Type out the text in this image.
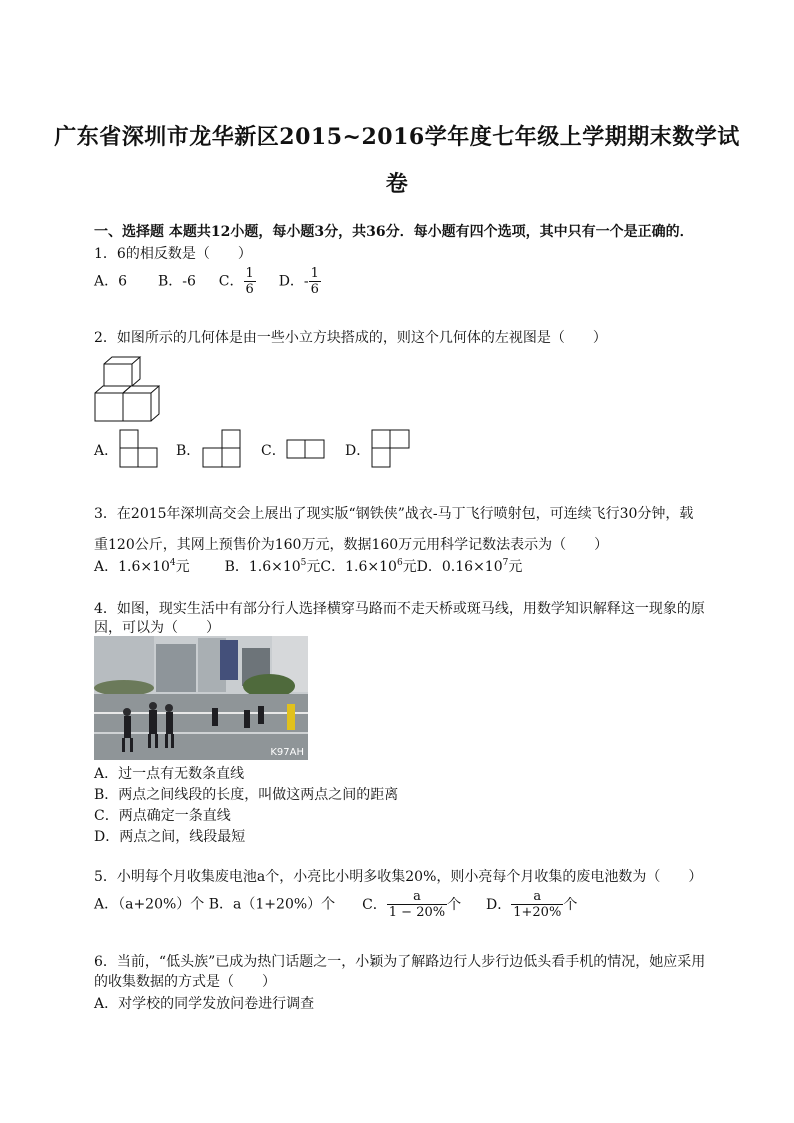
广东省深圳市龙华新区2015~2016学年度七年级上学期期末数学试
卷
一、选择题 本题共12小题，每小题3分，共36分．每小题有四个选项，其中只有一个是正确的．
1．6的相反数是（　　）
A．6 B．-6 C． $\frac{1}{6}$ D．- $\frac{1}{6}$
2．如图所示的几何体是由一些小立方块搭成的，则这个几何体的左视图是（　　）
A．	B．	C．	D．
3．在2015年深圳高交会上展出了现实版“钢铁侠”战衣-马丁飞行喷射包，可连续飞行30分钟，载
重120公斤，其网上预售价为160万元，数据160万元用科学记数法表示为（　　）
A．$1.6\times 10^4$元 B．$1.6\times 10^5$元C．$1.6\times 10^6$元D．$0.16\times 10^7$元
4．如图，现实生活中有部分行人选择横穿马路而不走天桥或斑马线，用数学知识解释这一现象的原
因，可以为（　　）
K97AH
A．过一点有无数条直线
B．两点之间线段的长度，叫做这两点之间的距离
C．两点确定一条直线
D．两点之间，线段最短
5．小明每个月收集废电池a个，小亮比小明多收集20%，则小亮每个月收集的废电池数为（　　）
A．（a+20%）个 B．a（1+20%）个 C． $\frac{a}{1 - 20\%}$ 个 D． $\frac{a}{1+20\%}$ 个
6．当前，“低头族”已成为热门话题之一，小颖为了解路边行人步行边低头看手机的情况，她应采用
的收集数据的方式是（　　）
A．对学校的同学发放问卷进行调查
